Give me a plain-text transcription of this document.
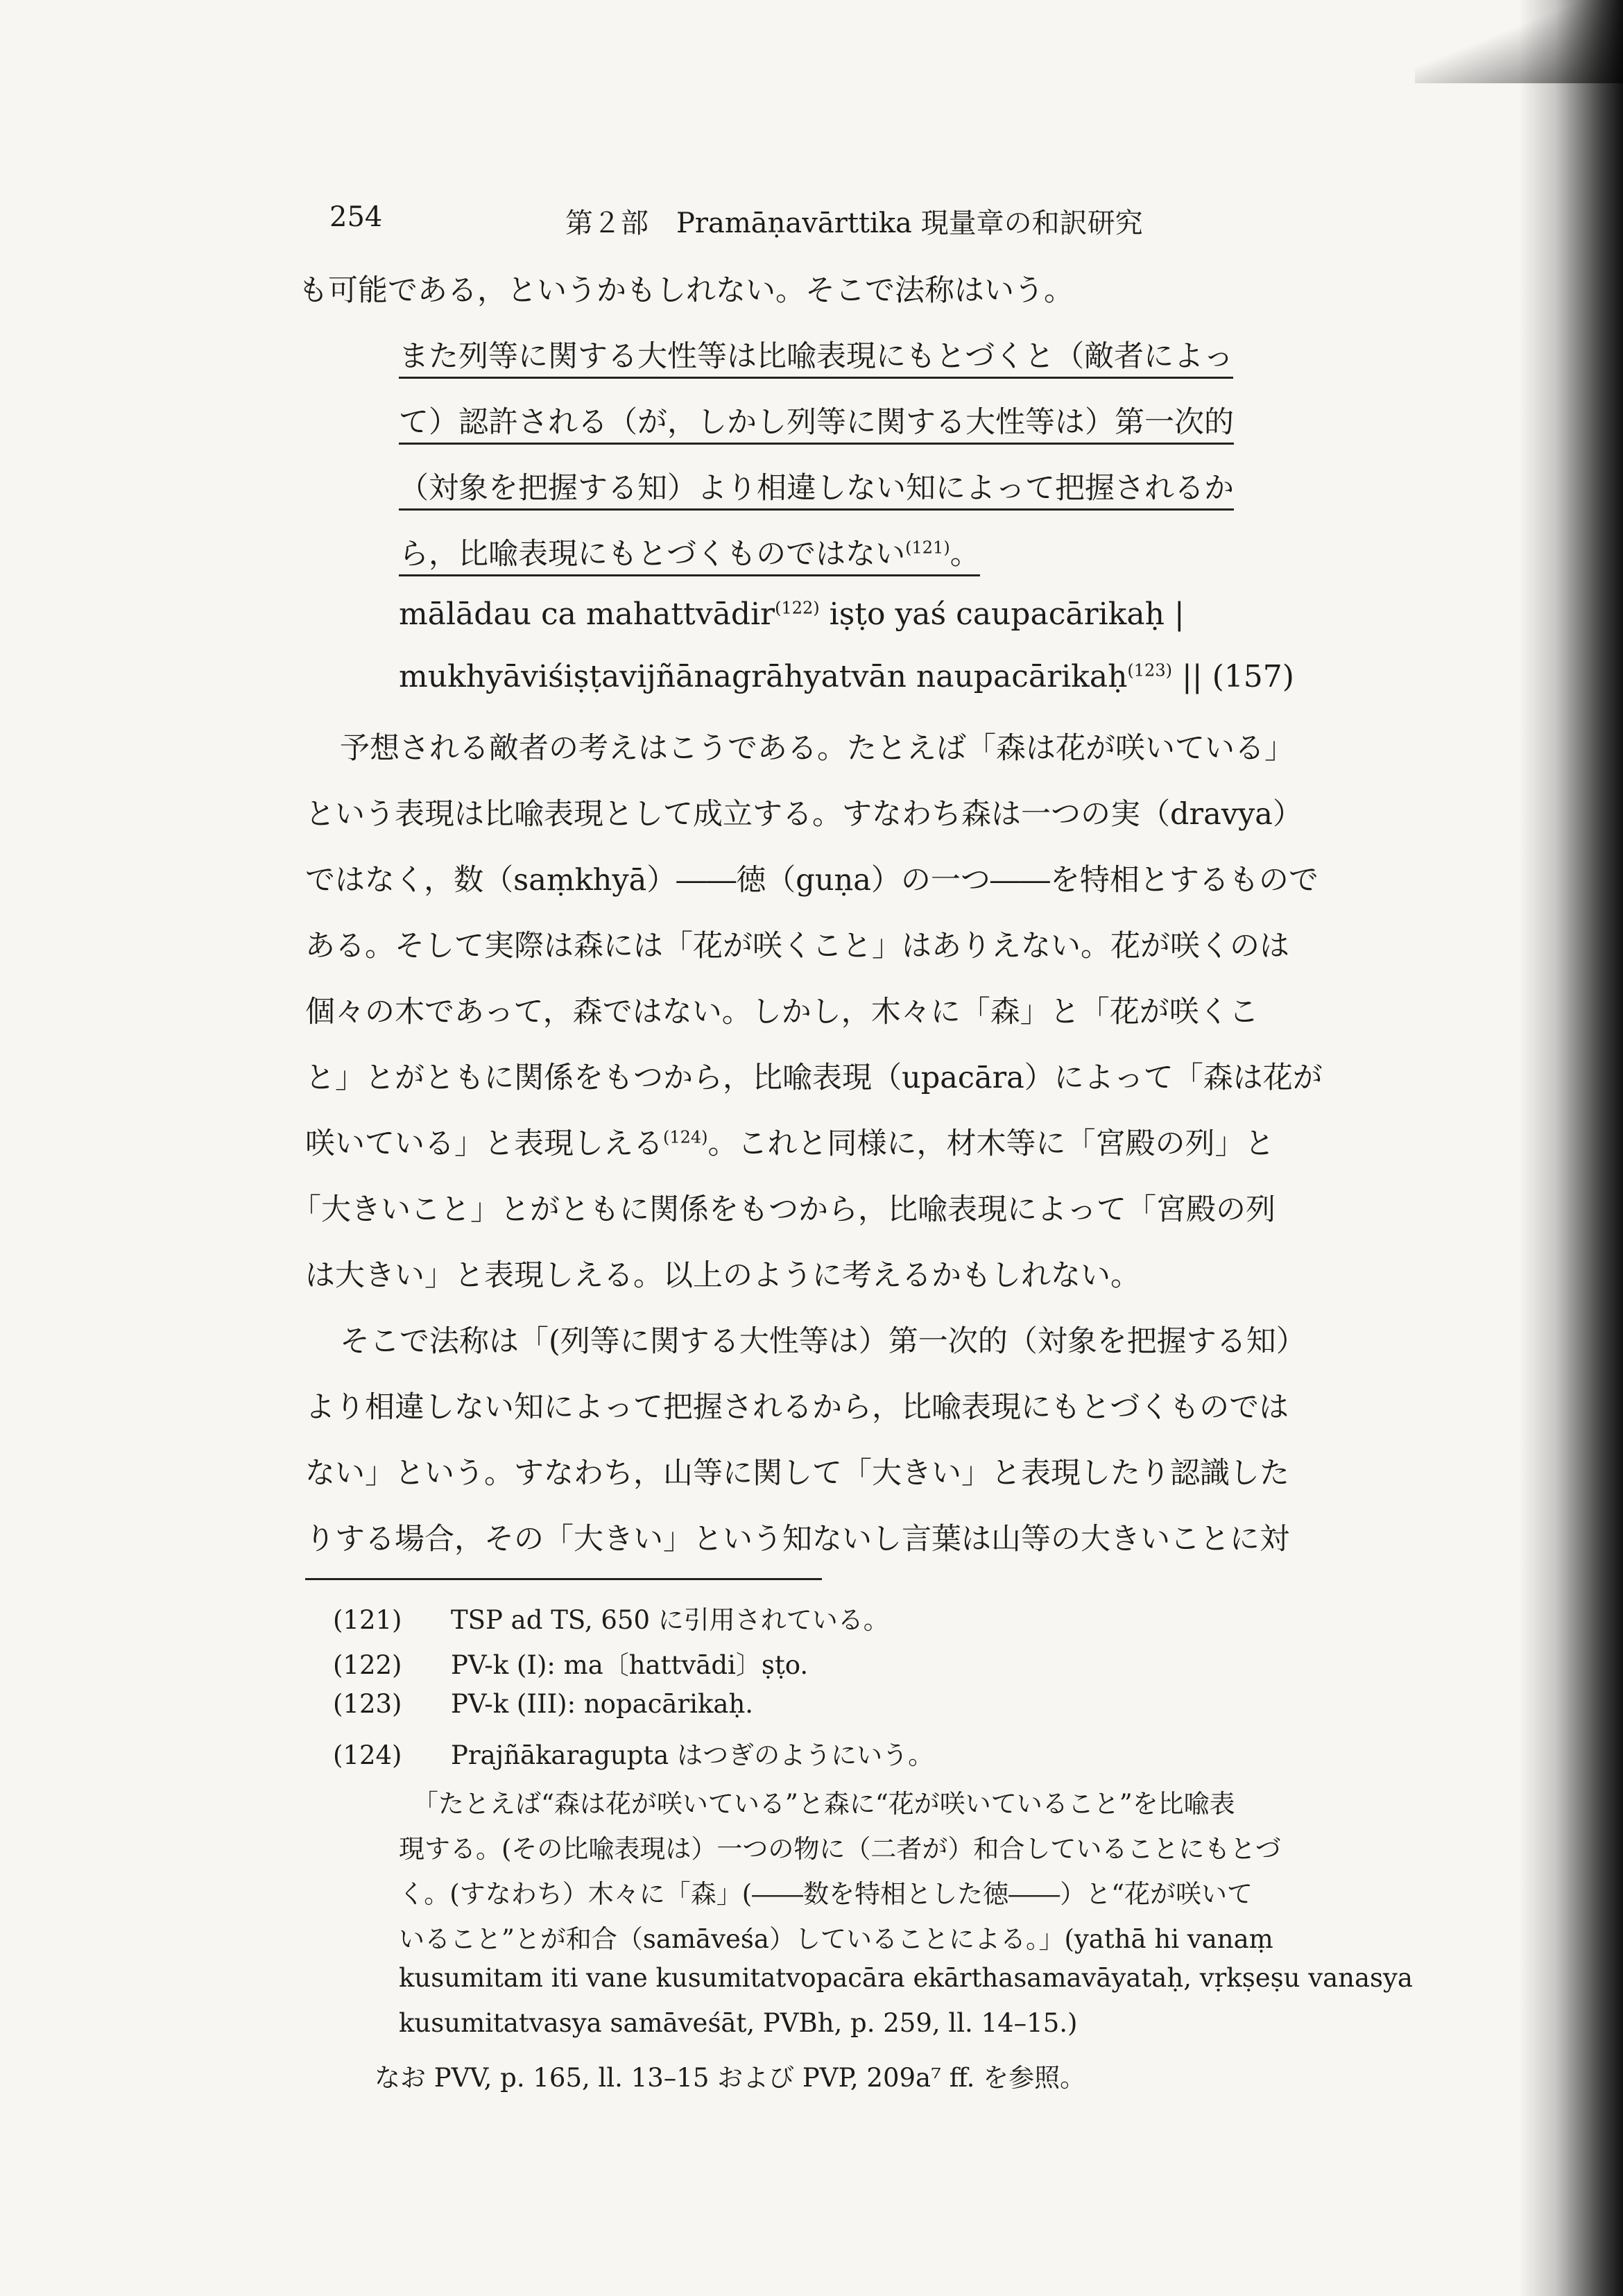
254	第２部　Pramāṇavārttika 現量章の和訳研究
も可能である，というかもしれない。そこで法称はいう。
また列等に関する大性等は比喩表現にもとづくと（敵者によっ
て）認許される（が，しかし列等に関する大性等は）第一次的
（対象を把握する知）より相違しない知によって把握されるか
ら，比喩表現にもとづくものではない$^{(121)}$。
mālādau ca mahattvādir$^{(122)}$ iṣṭo yaś caupacārikaḥ |
mukhyāviśiṣṭavijñānagrāhyatvān naupacārikaḥ$^{(123)}$ || (157)
予想される敵者の考えはこうである。たとえば「森は花が咲いている」
という表現は比喩表現として成立する。すなわち森は一つの実（dravya）
ではなく，数（saṃkhyā）――徳（guṇa）の一つ――を特相とするもので
ある。そして実際は森には「花が咲くこと」はありえない。花が咲くのは
個々の木であって，森ではない。しかし，木々に「森」と「花が咲くこ
と」とがともに関係をもつから，比喩表現（upacāra）によって「森は花が
咲いている」と表現しえる$^{(124)}$。これと同様に，材木等に「宮殿の列」と
「大きいこと」とがともに関係をもつから，比喩表現によって「宮殿の列
は大きい」と表現しえる。以上のように考えるかもしれない。
そこで法称は「(列等に関する大性等は）第一次的（対象を把握する知）
より相違しない知によって把握されるから，比喩表現にもとづくものでは
ない」という。すなわち，山等に関して「大きい」と表現したり認識した
りする場合，その「大きい」という知ないし言葉は山等の大きいことに対
(121) TSP ad TS, 650 に引用されている。
(122) PV-k (I): ma〔hattvādi〕ṣṭo.
(123) PV-k (III): nopacārikaḥ.
(124) Prajñākaragupta はつぎのようにいう。
「たとえば“森は花が咲いている”と森に“花が咲いていること”を比喩表
現する。(その比喩表現は）一つの物に（二者が）和合していることにもとづ
く。(すなわち）木々に「森」(――数を特相とした徳――）と“花が咲いて
いること”とが和合（samāveśa）していることによる。」(yathā hi vanaṃ
kusumitam iti vane kusumitatvopacāra ekārthasamavāyataḥ, vṛkṣeṣu vanasya
kusumitatvasya samāveśāt, PVBh, p. 259, ll. 14–15.)
なお PVV, p. 165, ll. 13–15 および PVP, 209a⁷ ff. を参照。
